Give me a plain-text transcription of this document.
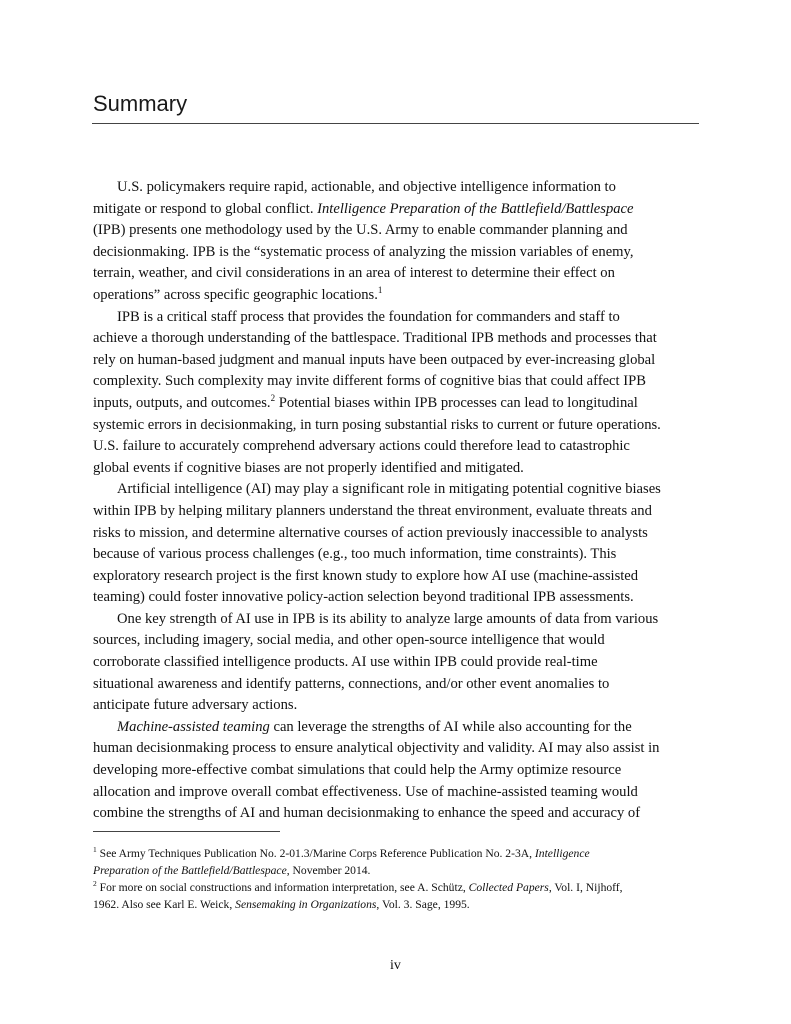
Summary
U.S. policymakers require rapid, actionable, and objective intelligence information to
mitigate or respond to global conflict. Intelligence Preparation of the Battlefield/Battlespace
(IPB) presents one methodology used by the U.S. Army to enable commander planning and
decisionmaking. IPB is the “systematic process of analyzing the mission variables of enemy,
terrain, weather, and civil considerations in an area of interest to determine their effect on
operations” across specific geographic locations.$^1$
IPB is a critical staff process that provides the foundation for commanders and staff to
achieve a thorough understanding of the battlespace. Traditional IPB methods and processes that
rely on human-based judgment and manual inputs have been outpaced by ever-increasing global
complexity. Such complexity may invite different forms of cognitive bias that could affect IPB
inputs, outputs, and outcomes.$^2$ Potential biases within IPB processes can lead to longitudinal
systemic errors in decisionmaking, in turn posing substantial risks to current or future operations.
U.S. failure to accurately comprehend adversary actions could therefore lead to catastrophic
global events if cognitive biases are not properly identified and mitigated.
Artificial intelligence (AI) may play a significant role in mitigating potential cognitive biases
within IPB by helping military planners understand the threat environment, evaluate threats and
risks to mission, and determine alternative courses of action previously inaccessible to analysts
because of various process challenges (e.g., too much information, time constraints). This
exploratory research project is the first known study to explore how AI use (machine-assisted
teaming) could foster innovative policy-action selection beyond traditional IPB assessments.
One key strength of AI use in IPB is its ability to analyze large amounts of data from various
sources, including imagery, social media, and other open-source intelligence that would
corroborate classified intelligence products. AI use within IPB could provide real-time
situational awareness and identify patterns, connections, and/or other event anomalies to
anticipate future adversary actions.
Machine-assisted teaming can leverage the strengths of AI while also accounting for the
human decisionmaking process to ensure analytical objectivity and validity. AI may also assist in
developing more-effective combat simulations that could help the Army optimize resource
allocation and improve overall combat effectiveness. Use of machine-assisted teaming would
combine the strengths of AI and human decisionmaking to enhance the speed and accuracy of
$^1$ See Army Techniques Publication No. 2-01.3/Marine Corps Reference Publication No. 2-3A, Intelligence
Preparation of the Battlefield/Battlespace, November 2014.
$^2$ For more on social constructions and information interpretation, see A. Schütz, Collected Papers, Vol. I, Nijhoff,
1962. Also see Karl E. Weick, Sensemaking in Organizations, Vol. 3. Sage, 1995.
iv
